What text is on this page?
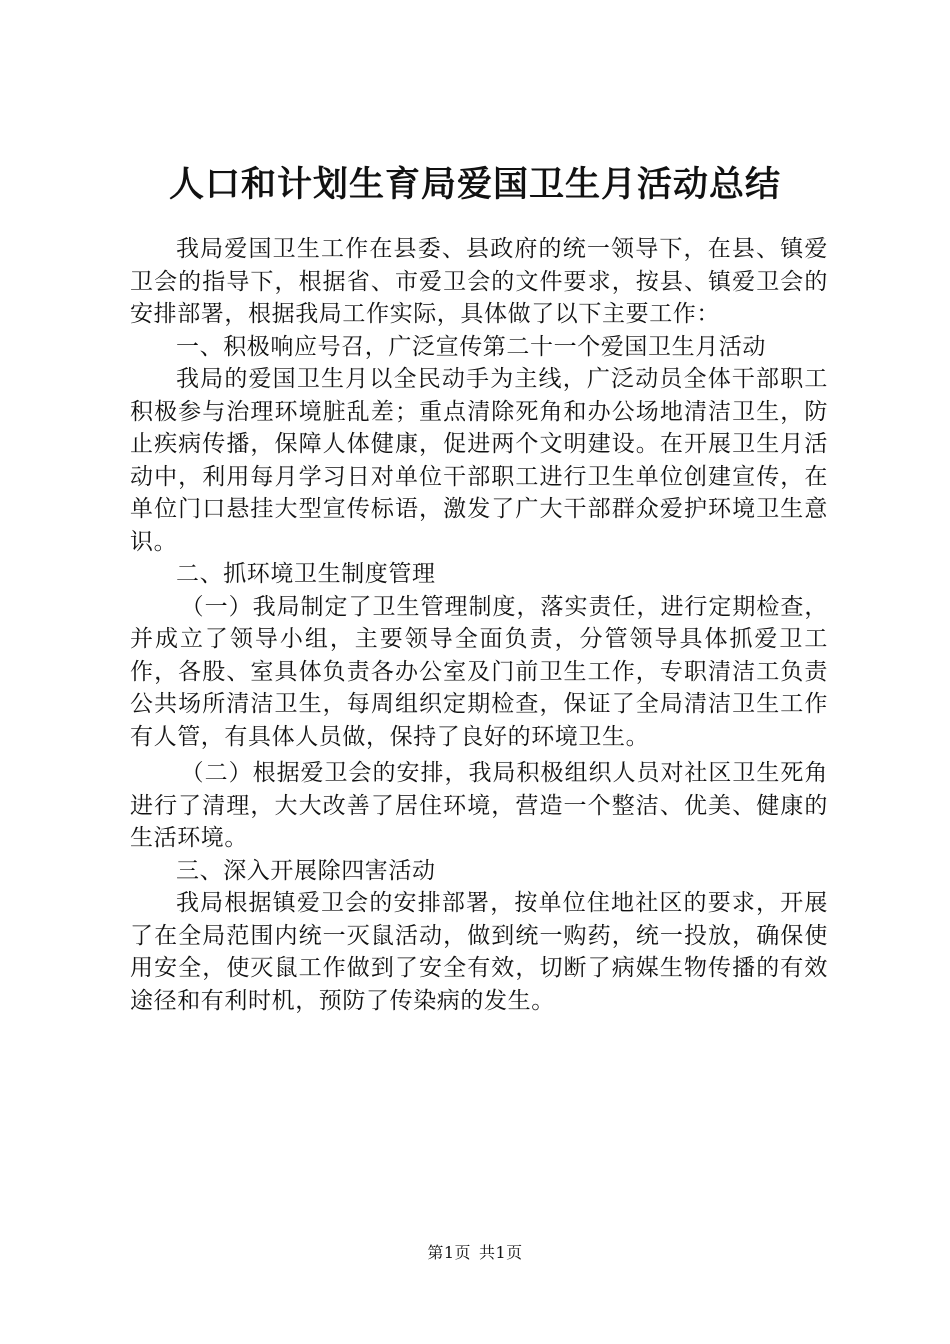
人口和计划生育局爱国卫生月活动总结

我局爱国卫生工作在县委、县政府的统一领导下，在县、镇爱卫会的指导下，根据省、市爱卫会的文件要求，按县、镇爱卫会的安排部署，根据我局工作实际，具体做了以下主要工作：

一、积极响应号召，广泛宣传第二十一个爱国卫生月活动

我局的爱国卫生月以全民动手为主线，广泛动员全体干部职工积极参与治理环境脏乱差；重点清除死角和办公场地清洁卫生，防止疾病传播，保障人体健康，促进两个文明建设。在开展卫生月活动中，利用每月学习日对单位干部职工进行卫生单位创建宣传，在单位门口悬挂大型宣传标语，激发了广大干部群众爱护环境卫生意识。

二、抓环境卫生制度管理

（一）我局制定了卫生管理制度，落实责任，进行定期检查，并成立了领导小组，主要领导全面负责，分管领导具体抓爱卫工作，各股、室具体负责各办公室及门前卫生工作，专职清洁工负责公共场所清洁卫生，每周组织定期检查，保证了全局清洁卫生工作有人管，有具体人员做，保持了良好的环境卫生。

（二）根据爱卫会的安排，我局积极组织人员对社区卫生死角进行了清理，大大改善了居住环境，营造一个整洁、优美、健康的生活环境。

三、深入开展除四害活动

我局根据镇爱卫会的安排部署，按单位住地社区的要求，开展了在全局范围内统一灭鼠活动，做到统一购药，统一投放，确保使用安全，使灭鼠工作做到了安全有效，切断了病媒生物传播的有效途径和有利时机，预防了传染病的发生。

第1页 共1页
